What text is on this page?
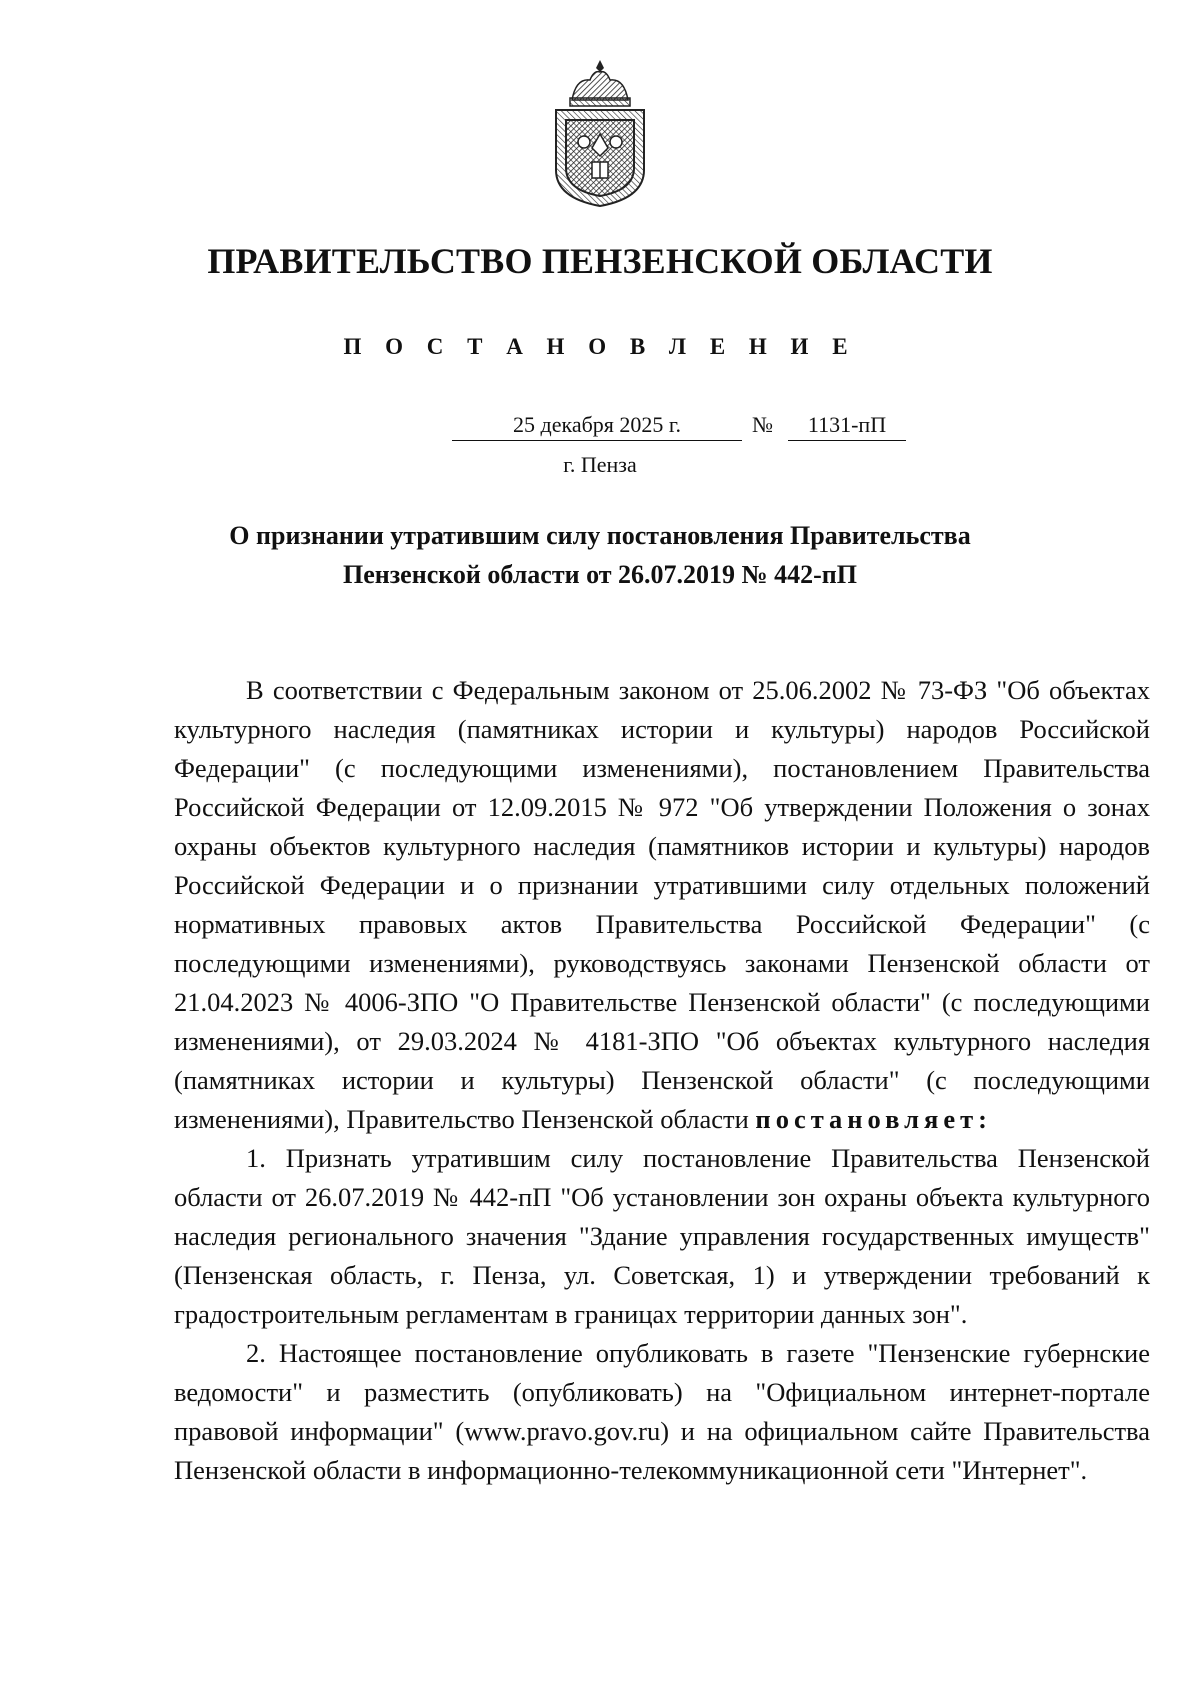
ПРАВИТЕЛЬСТВО ПЕНЗЕНСКОЙ ОБЛАСТИ
П О С Т А Н О В Л Е Н И Е
25 декабря 2025 г.	№	1131-пП
г. Пенза
О признании утратившим силу постановления Правительства
Пензенской области от 26.07.2019 № 442-пП

В соответствии с Федеральным законом от 25.06.2002 № 73-ФЗ "Об объектах культурного наследия (памятниках истории и культуры) народов Российской Федерации" (с последующими изменениями), постановлением Правительства Российской Федерации от 12.09.2015 № 972 "Об утверждении Положения о зонах охраны объектов культурного наследия (памятников истории и культуры) народов Российской Федерации и о признании утратившими силу отдельных положений нормативных правовых актов Правительства Российской Федерации" (с последующими изменениями), руководствуясь законами Пензенской области от 21.04.2023 № 4006-ЗПО "О Правительстве Пензенской области" (с последующими изменениями), от 29.03.2024 № 4181-ЗПО "Об объектах культурного наследия (памятниках истории и культуры) Пензенской области" (с последующими изменениями), Правительство Пензенской области постановляет:

1. Признать утратившим силу постановление Правительства Пензенской области от 26.07.2019 № 442-пП "Об установлении зон охраны объекта культурного наследия регионального значения "Здание управления государственных имуществ" (Пензенская область, г. Пенза, ул. Советская, 1) и утверждении требований к градостроительным регламентам в границах территории данных зон".

2. Настоящее постановление опубликовать в газете "Пензенские губернские ведомости" и разместить (опубликовать) на "Официальном интернет-портале правовой информации" (www.pravo.gov.ru) и на официальном сайте Правительства Пензенской области в информационно-телекоммуникационной сети "Интернет".
